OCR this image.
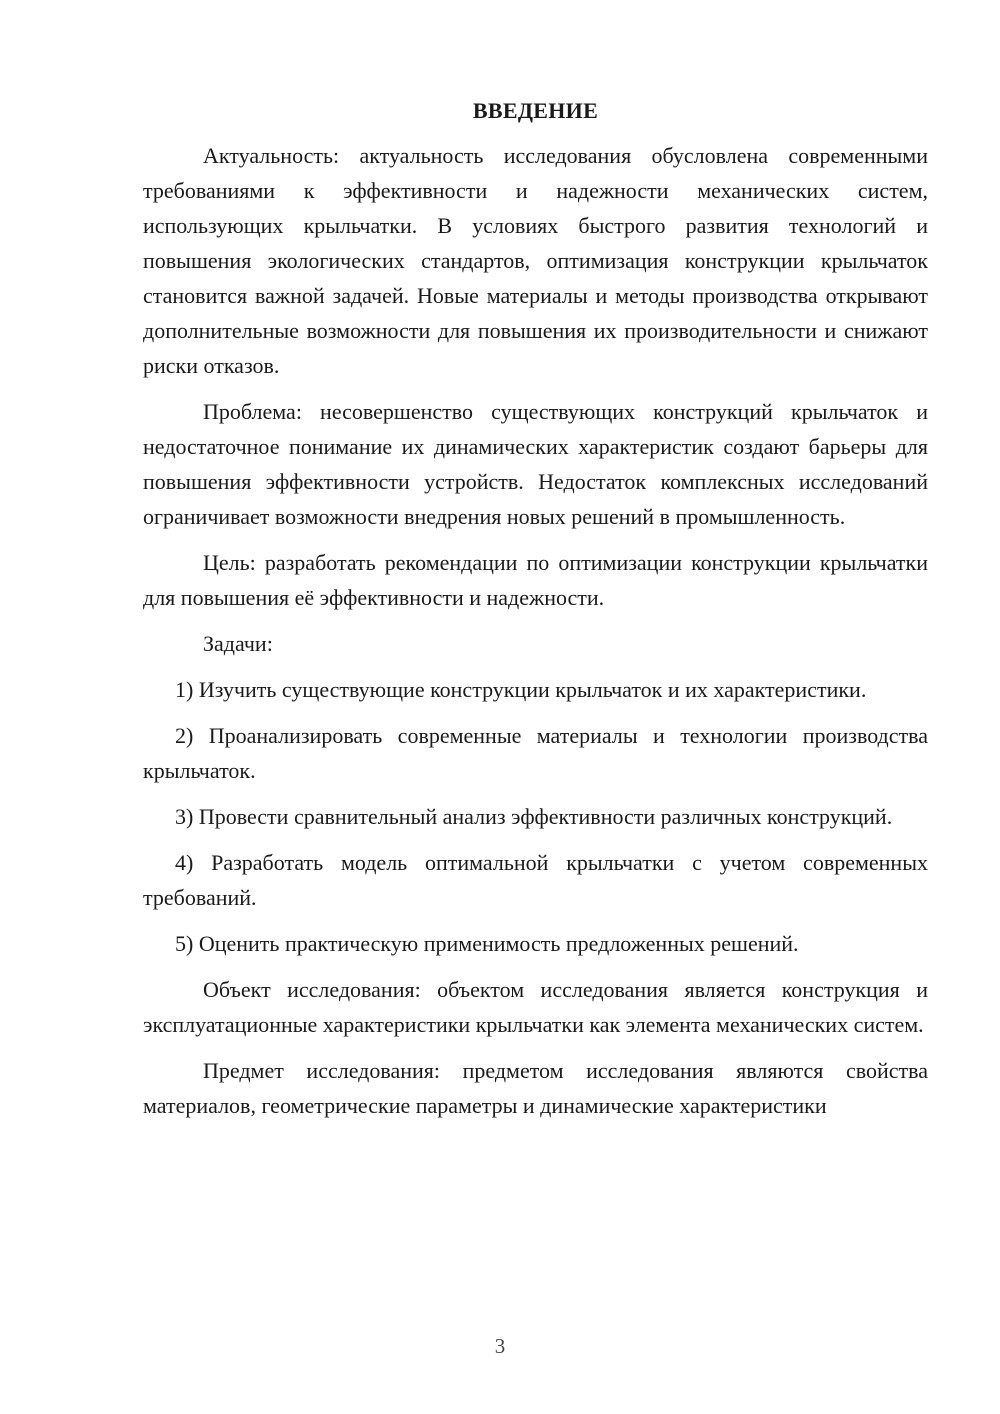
ВВЕДЕНИЕ

Актуальность: актуальность исследования обусловлена современными требованиями к эффективности и надежности механических систем, использующих крыльчатки. В условиях быстрого развития технологий и повышения экологических стандартов, оптимизация конструкции крыльчаток становится важной задачей. Новые материалы и методы производства открывают дополнительные возможности для повышения их производительности и снижают риски отказов.

Проблема: несовершенство существующих конструкций крыльчаток и недостаточное понимание их динамических характеристик создают барьеры для повышения эффективности устройств. Недостаток комплексных исследований ограничивает возможности внедрения новых решений в промышленность.

Цель: разработать рекомендации по оптимизации конструкции крыльчатки для повышения её эффективности и надежности.

Задачи:

1) Изучить существующие конструкции крыльчаток и их характеристики.

2) Проанализировать современные материалы и технологии производства крыльчаток.

3) Провести сравнительный анализ эффективности различных конструкций.

4) Разработать модель оптимальной крыльчатки с учетом современных требований.

5) Оценить практическую применимость предложенных решений.

Объект исследования: объектом исследования является конструкция и эксплуатационные характеристики крыльчатки как элемента механических систем.

Предмет исследования: предметом исследования являются свойства материалов, геометрические параметры и динамические характеристики

3
